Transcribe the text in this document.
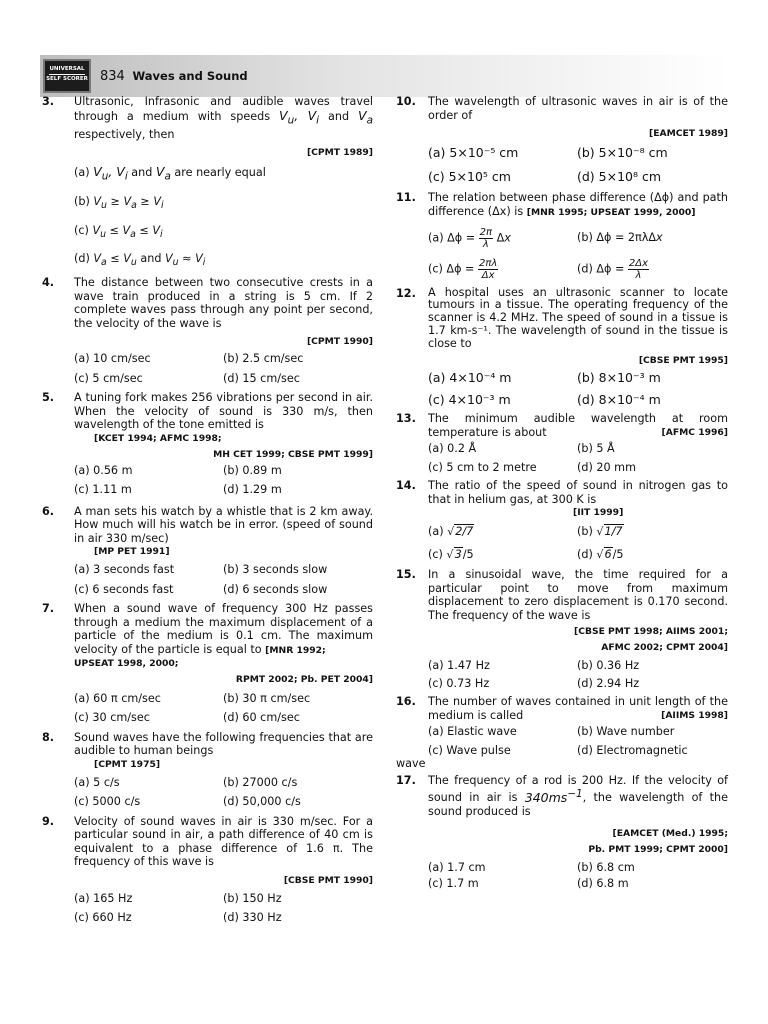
UNIVERSAL
SELF SCORER 834 Waves and Sound
3. Ultrasonic, Infrasonic and audible waves travel through a medium with speeds $V_u$, $V_i$ and $V_a$ respectively, then
[CPMT 1989]
(a) $V_u$, $V_i$ and $V_a$ are nearly equal
(b) $V_u \ge V_a \ge V_i$
(c) $V_u \le V_a \le V_i$
(d) $V_a \le V_u$ and $V_u \approx V_i$
4. The distance between two consecutive crests in a wave train produced in a string is 5 cm. If 2 complete waves pass through any point per second, the velocity of the wave is
[CPMT 1990]
(a) 10 cm/sec	(b) 2.5 cm/sec
(c) 5 cm/sec	(d) 15 cm/sec
5. A tuning fork makes 256 vibrations per second in air. When the velocity of sound is 330 m/s, then wavelength of the tone emitted is
[KCET 1994; AFMC 1998;
MH CET 1999; CBSE PMT 1999]
(a) 0.56 m	(b) 0.89 m
(c) 1.11 m	(d) 1.29 m
6. A man sets his watch by a whistle that is 2 km away. How much will his watch be in error. (speed of sound in air 330 m/sec)
[MP PET 1991]
(a) 3 seconds fast	(b) 3 seconds slow
(c) 6 seconds fast	(d) 6 seconds slow
7. When a sound wave of frequency 300 Hz passes through a medium the maximum displacement of a particle of the medium is 0.1 cm. The maximum velocity of the particle is equal to [MNR 1992;
UPSEAT 1998, 2000;
RPMT 2002; Pb. PET 2004]
(a) 60 π cm/sec	(b) 30 π cm/sec
(c) 30 cm/sec	(d) 60 cm/sec
8. Sound waves have the following frequencies that are audible to human beings
[CPMT 1975]
(a) 5 c/s	(b) 27000 c/s
(c) 5000 c/s	(d) 50,000 c/s
9. Velocity of sound waves in air is 330 m/sec. For a particular sound in air, a path difference of 40 cm is equivalent to a phase difference of 1.6 π. The frequency of this wave is
[CBSE PMT 1990]
(a) 165 Hz	(b) 150 Hz
(c) 660 Hz	(d) 330 Hz
10. The wavelength of ultrasonic waves in air is of the order of
[EAMCET 1989]
(a) 5×10⁻⁵ cm	(b) 5×10⁻⁸ cm
(c) 5×10⁵ cm	(d) 5×10⁸ cm
11. The relation between phase difference (Δϕ) and path difference (Δx) is [MNR 1995; UPSEAT 1999, 2000]
(a) $\Delta\phi = \frac{2\pi}{\lambda}$ Δx	(b) Δϕ = 2πλΔx
(c) $\Delta\phi = \frac{2\pi\lambda}{\Delta x}$	(d) $\Delta\phi = \frac{2\Delta x}{\lambda}$
12. A hospital uses an ultrasonic scanner to locate tumours in a tissue. The operating frequency of the scanner is 4.2 MHz. The speed of sound in a tissue is 1.7 km-s⁻¹. The wavelength of sound in the tissue is close to
[CBSE PMT 1995]
(a) 4×10⁻⁴ m	(b) 8×10⁻³ m
(c) 4×10⁻³ m	(d) 8×10⁻⁴ m
13. The minimum audible wavelength at room temperature is about	[AFMC 1996]
(a) 0.2 Å	(b) 5 Å
(c) 5 cm to 2 metre	(d) 20 mm
14. The ratio of the speed of sound in nitrogen gas to that in helium gas, at 300 K is
[IIT 1999]
(a) √2/7	(b) √1/7
(c) √3/5	(d) √6/5
15. In a sinusoidal wave, the time required for a particular point to move from maximum displacement to zero displacement is 0.170 second. The frequency of the wave is
[CBSE PMT 1998; AIIMS 2001;
AFMC 2002; CPMT 2004]
(a) 1.47 Hz	(b) 0.36 Hz
(c) 0.73 Hz	(d) 2.94 Hz
16. The number of waves contained in unit length of the medium is called	[AIIMS 1998]
(a) Elastic wave	(b) Wave number
(c) Wave pulse	(d) Electromagnetic
wave
17. The frequency of a rod is 200 Hz. If the velocity of sound in air is $340ms^{-1}$, the wavelength of the sound produced is
[EAMCET (Med.) 1995;
Pb. PMT 1999; CPMT 2000]
(a) 1.7 cm	(b) 6.8 cm
(c) 1.7 m	(d) 6.8 m
